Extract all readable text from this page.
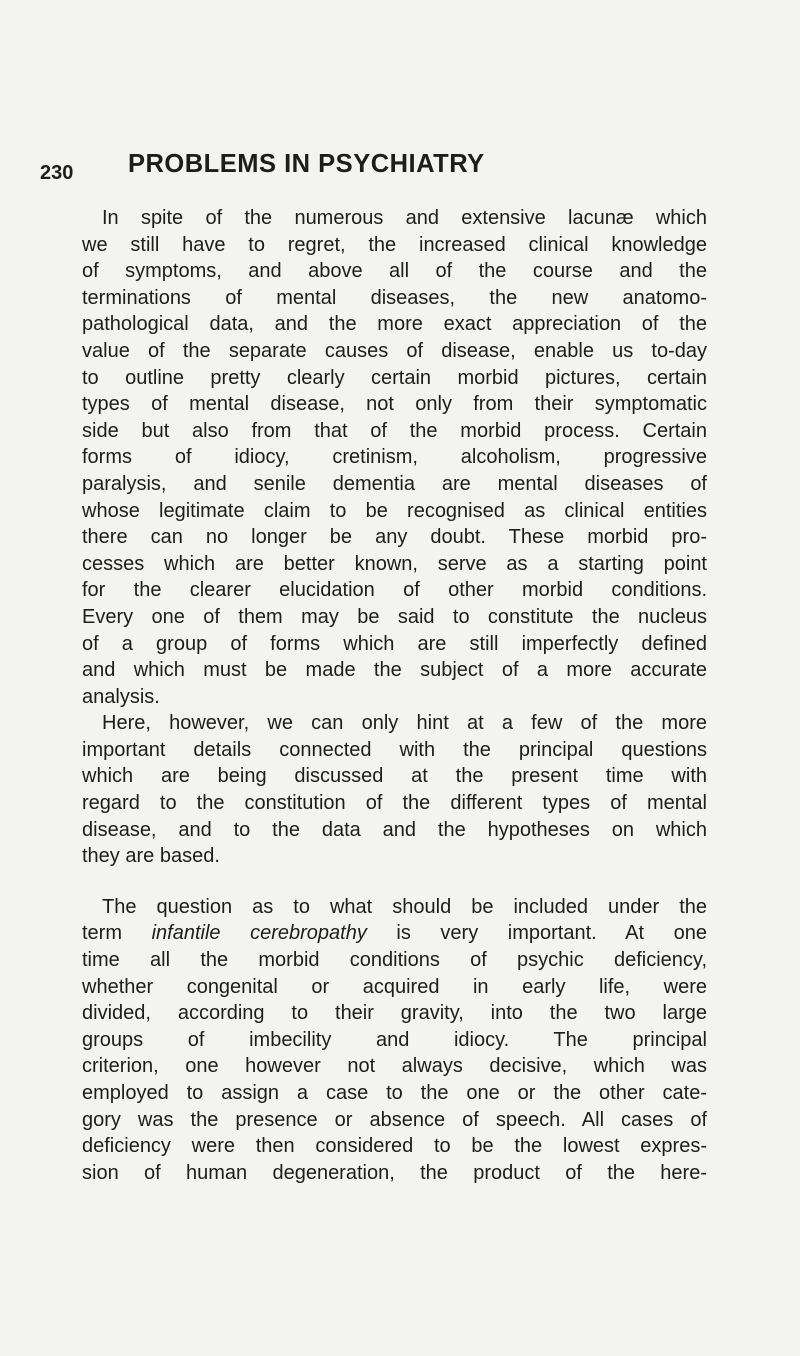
230 PROBLEMS IN PSYCHIATRY
In spite of the numerous and extensive lacunæ which
we still have to regret, the increased clinical knowledge
of symptoms, and above all of the course and the
terminations of mental diseases, the new anatomo-
pathological data, and the more exact appreciation of the
value of the separate causes of disease, enable us to-day
to outline pretty clearly certain morbid pictures, certain
types of mental disease, not only from their symptomatic
side but also from that of the morbid process. Certain
forms of idiocy, cretinism, alcoholism, progressive
paralysis, and senile dementia are mental diseases of
whose legitimate claim to be recognised as clinical entities
there can no longer be any doubt. These morbid pro-
cesses which are better known, serve as a starting point
for the clearer elucidation of other morbid conditions.
Every one of them may be said to constitute the nucleus
of a group of forms which are still imperfectly defined
and which must be made the subject of a more accurate
analysis.
Here, however, we can only hint at a few of the more
important details connected with the principal questions
which are being discussed at the present time with
regard to the constitution of the different types of mental
disease, and to the data and the hypotheses on which
they are based.
The question as to what should be included under the
term infantile cerebropathy is very important. At one
time all the morbid conditions of psychic deficiency,
whether congenital or acquired in early life, were
divided, according to their gravity, into the two large
groups of imbecility and idiocy. The principal
criterion, one however not always decisive, which was
employed to assign a case to the one or the other cate-
gory was the presence or absence of speech. All cases of
deficiency were then considered to be the lowest expres-
sion of human degeneration, the product of the here-
